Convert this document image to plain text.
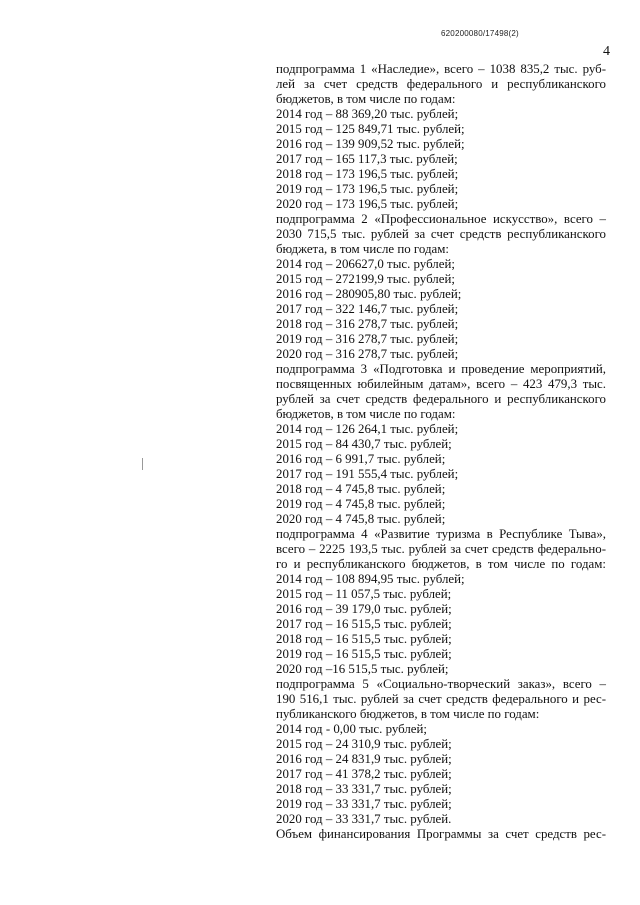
620200080/17498(2)
4
подпрограмма 1 «Наследие», всего – 1038 835,2 тыс. руб-
лей за счет средств федерального и республиканского
бюджетов, в том числе по годам:
2014 год – 88 369,20 тыс. рублей;
2015 год – 125 849,71 тыс. рублей;
2016 год – 139 909,52 тыс. рублей;
2017 год – 165 117,3 тыс. рублей;
2018 год – 173 196,5 тыс. рублей;
2019 год – 173 196,5 тыс. рублей;
2020 год – 173 196,5 тыс. рублей;
подпрограмма 2 «Профессиональное искусство», всего –
2030 715,5 тыс. рублей за счет средств республиканского
бюджета, в том числе по годам:
2014 год – 206627,0 тыс. рублей;
2015 год – 272199,9 тыс. рублей;
2016 год – 280905,80 тыс. рублей;
2017 год – 322 146,7 тыс. рублей;
2018 год – 316 278,7 тыс. рублей;
2019 год – 316 278,7 тыс. рублей;
2020 год – 316 278,7 тыс. рублей;
подпрограмма 3 «Подготовка и проведение мероприятий,
посвященных юбилейным датам», всего – 423 479,3 тыс.
рублей за счет средств федерального и республиканского
бюджетов, в том числе по годам:
2014 год – 126 264,1 тыс. рублей;
2015 год – 84 430,7 тыс. рублей;
2016 год – 6 991,7 тыс. рублей;
2017 год – 191 555,4 тыс. рублей;
2018 год – 4 745,8 тыс. рублей;
2019 год – 4 745,8 тыс. рублей;
2020 год – 4 745,8 тыс. рублей;
подпрограмма 4 «Развитие туризма в Республике Тыва»,
всего – 2225 193,5 тыс. рублей за счет средств федерально-
го и республиканского бюджетов, в том числе по годам:
2014 год – 108 894,95 тыс. рублей;
2015 год – 11 057,5 тыс. рублей;
2016 год – 39 179,0 тыс. рублей;
2017 год – 16 515,5 тыс. рублей;
2018 год – 16 515,5 тыс. рублей;
2019 год – 16 515,5 тыс. рублей;
2020 год –16 515,5 тыс. рублей;
подпрограмма 5 «Социально-творческий заказ», всего –
190 516,1 тыс. рублей за счет средств федерального и рес-
публиканского бюджетов, в том числе по годам:
2014 год - 0,00 тыс. рублей;
2015 год – 24 310,9 тыс. рублей;
2016 год – 24 831,9 тыс. рублей;
2017 год – 41 378,2 тыс. рублей;
2018 год – 33 331,7 тыс. рублей;
2019 год – 33 331,7 тыс. рублей;
2020 год – 33 331,7 тыс. рублей.
Объем финансирования Программы за счет средств рес-
